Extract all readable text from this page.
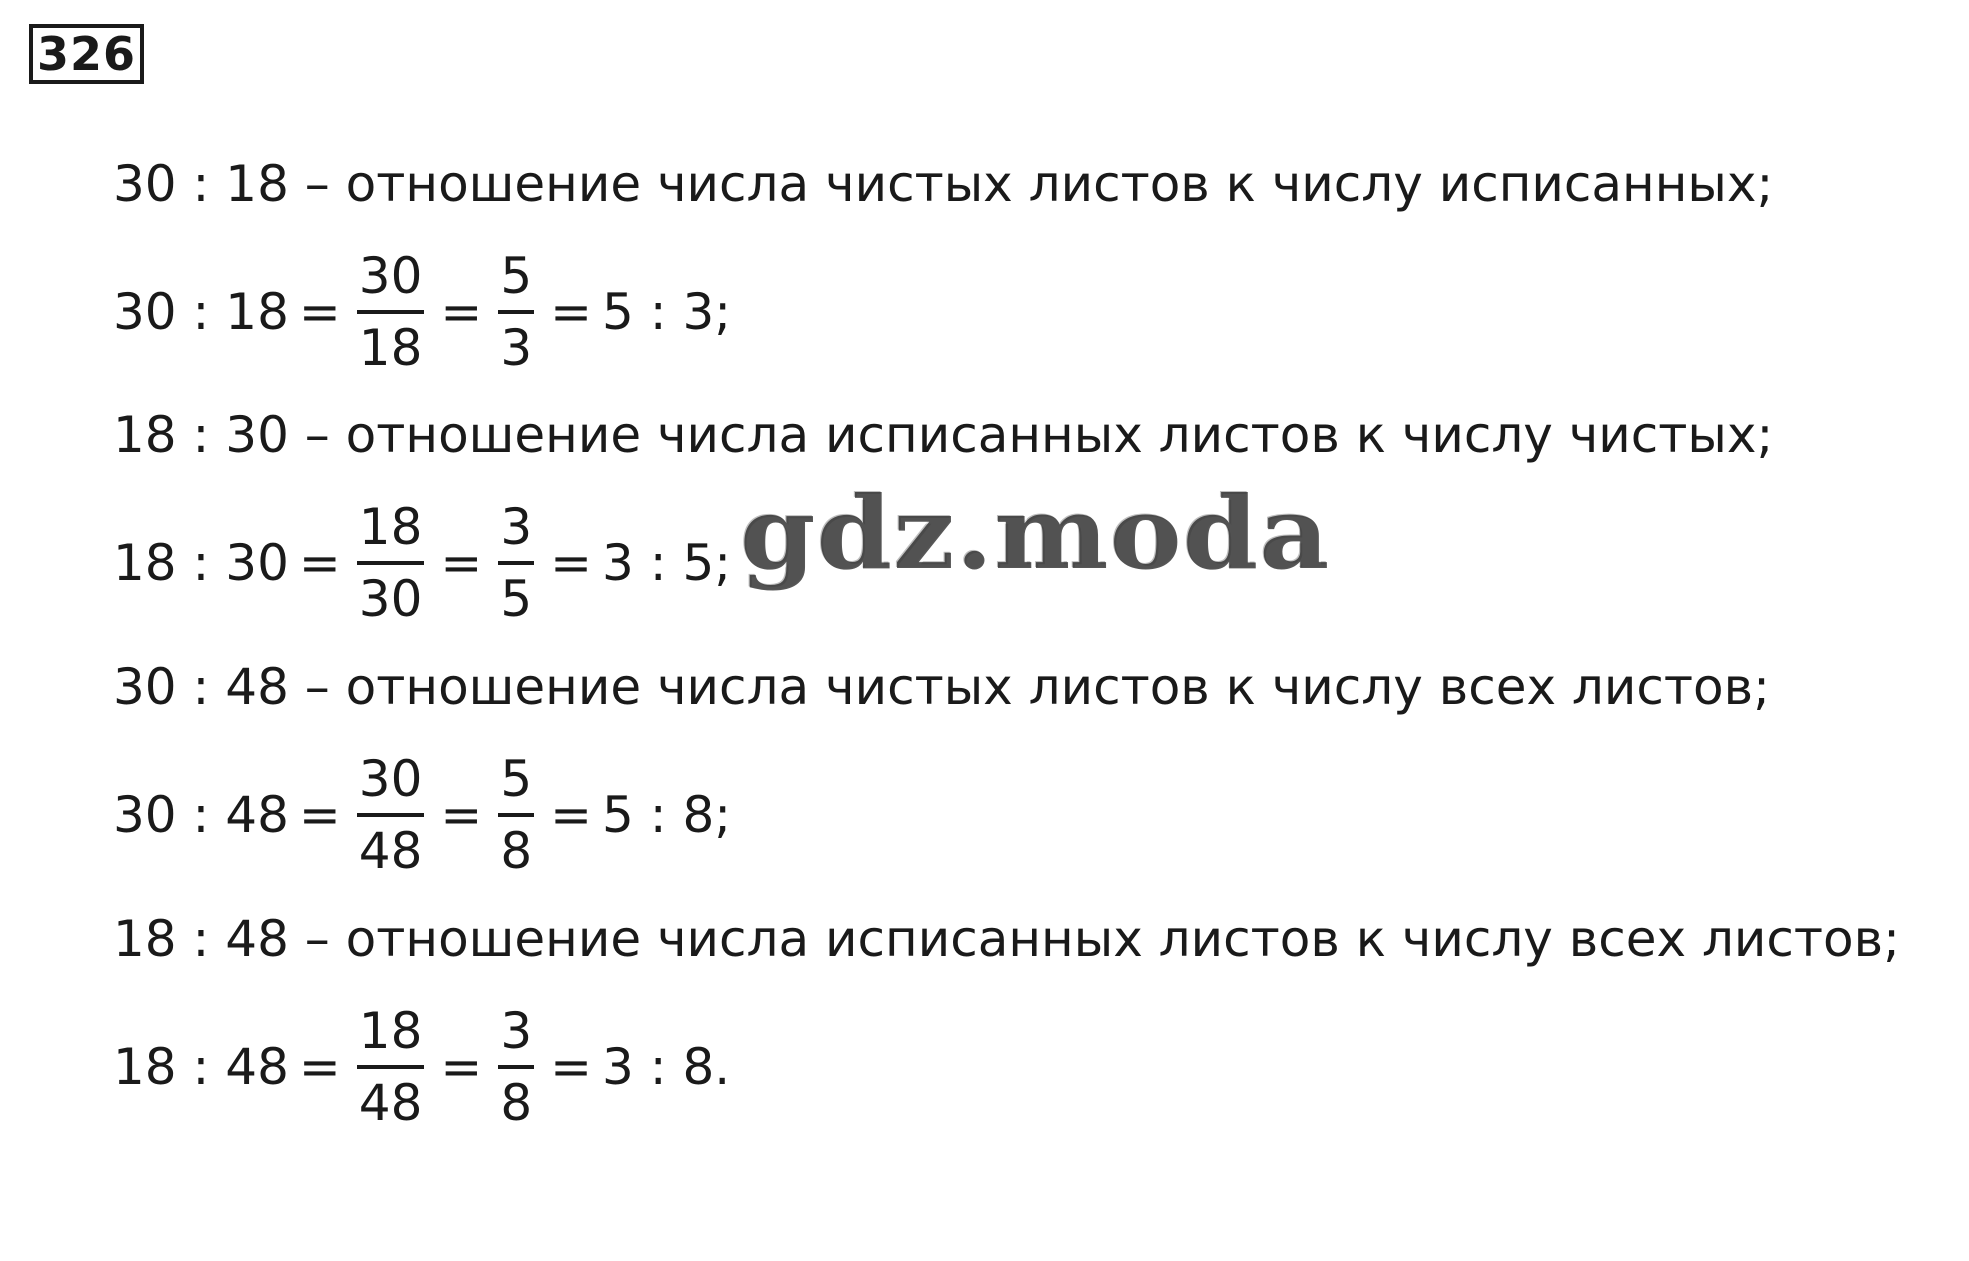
326
30 : 18 – отношение числа чистых листов к числу исписанных;
30 : $18 = \frac{30}{18} = \frac{5}{3} = 5$ : 3;
18 : 30 – отношение числа исписанных листов к числу чистых;
18 : $30 = \frac{18}{30} = \frac{3}{5} = 3$ : 5;
30 : 48 – отношение числа чистых листов к числу всех листов;
30 : $48 = \frac{30}{48} = \frac{5}{8} = 5$ : 8;
18 : 48 – отношение числа исписанных листов к числу всех листов;
18 : $48 = \frac{18}{48} = \frac{3}{8} = 3$ : 8.
gdz.moda
